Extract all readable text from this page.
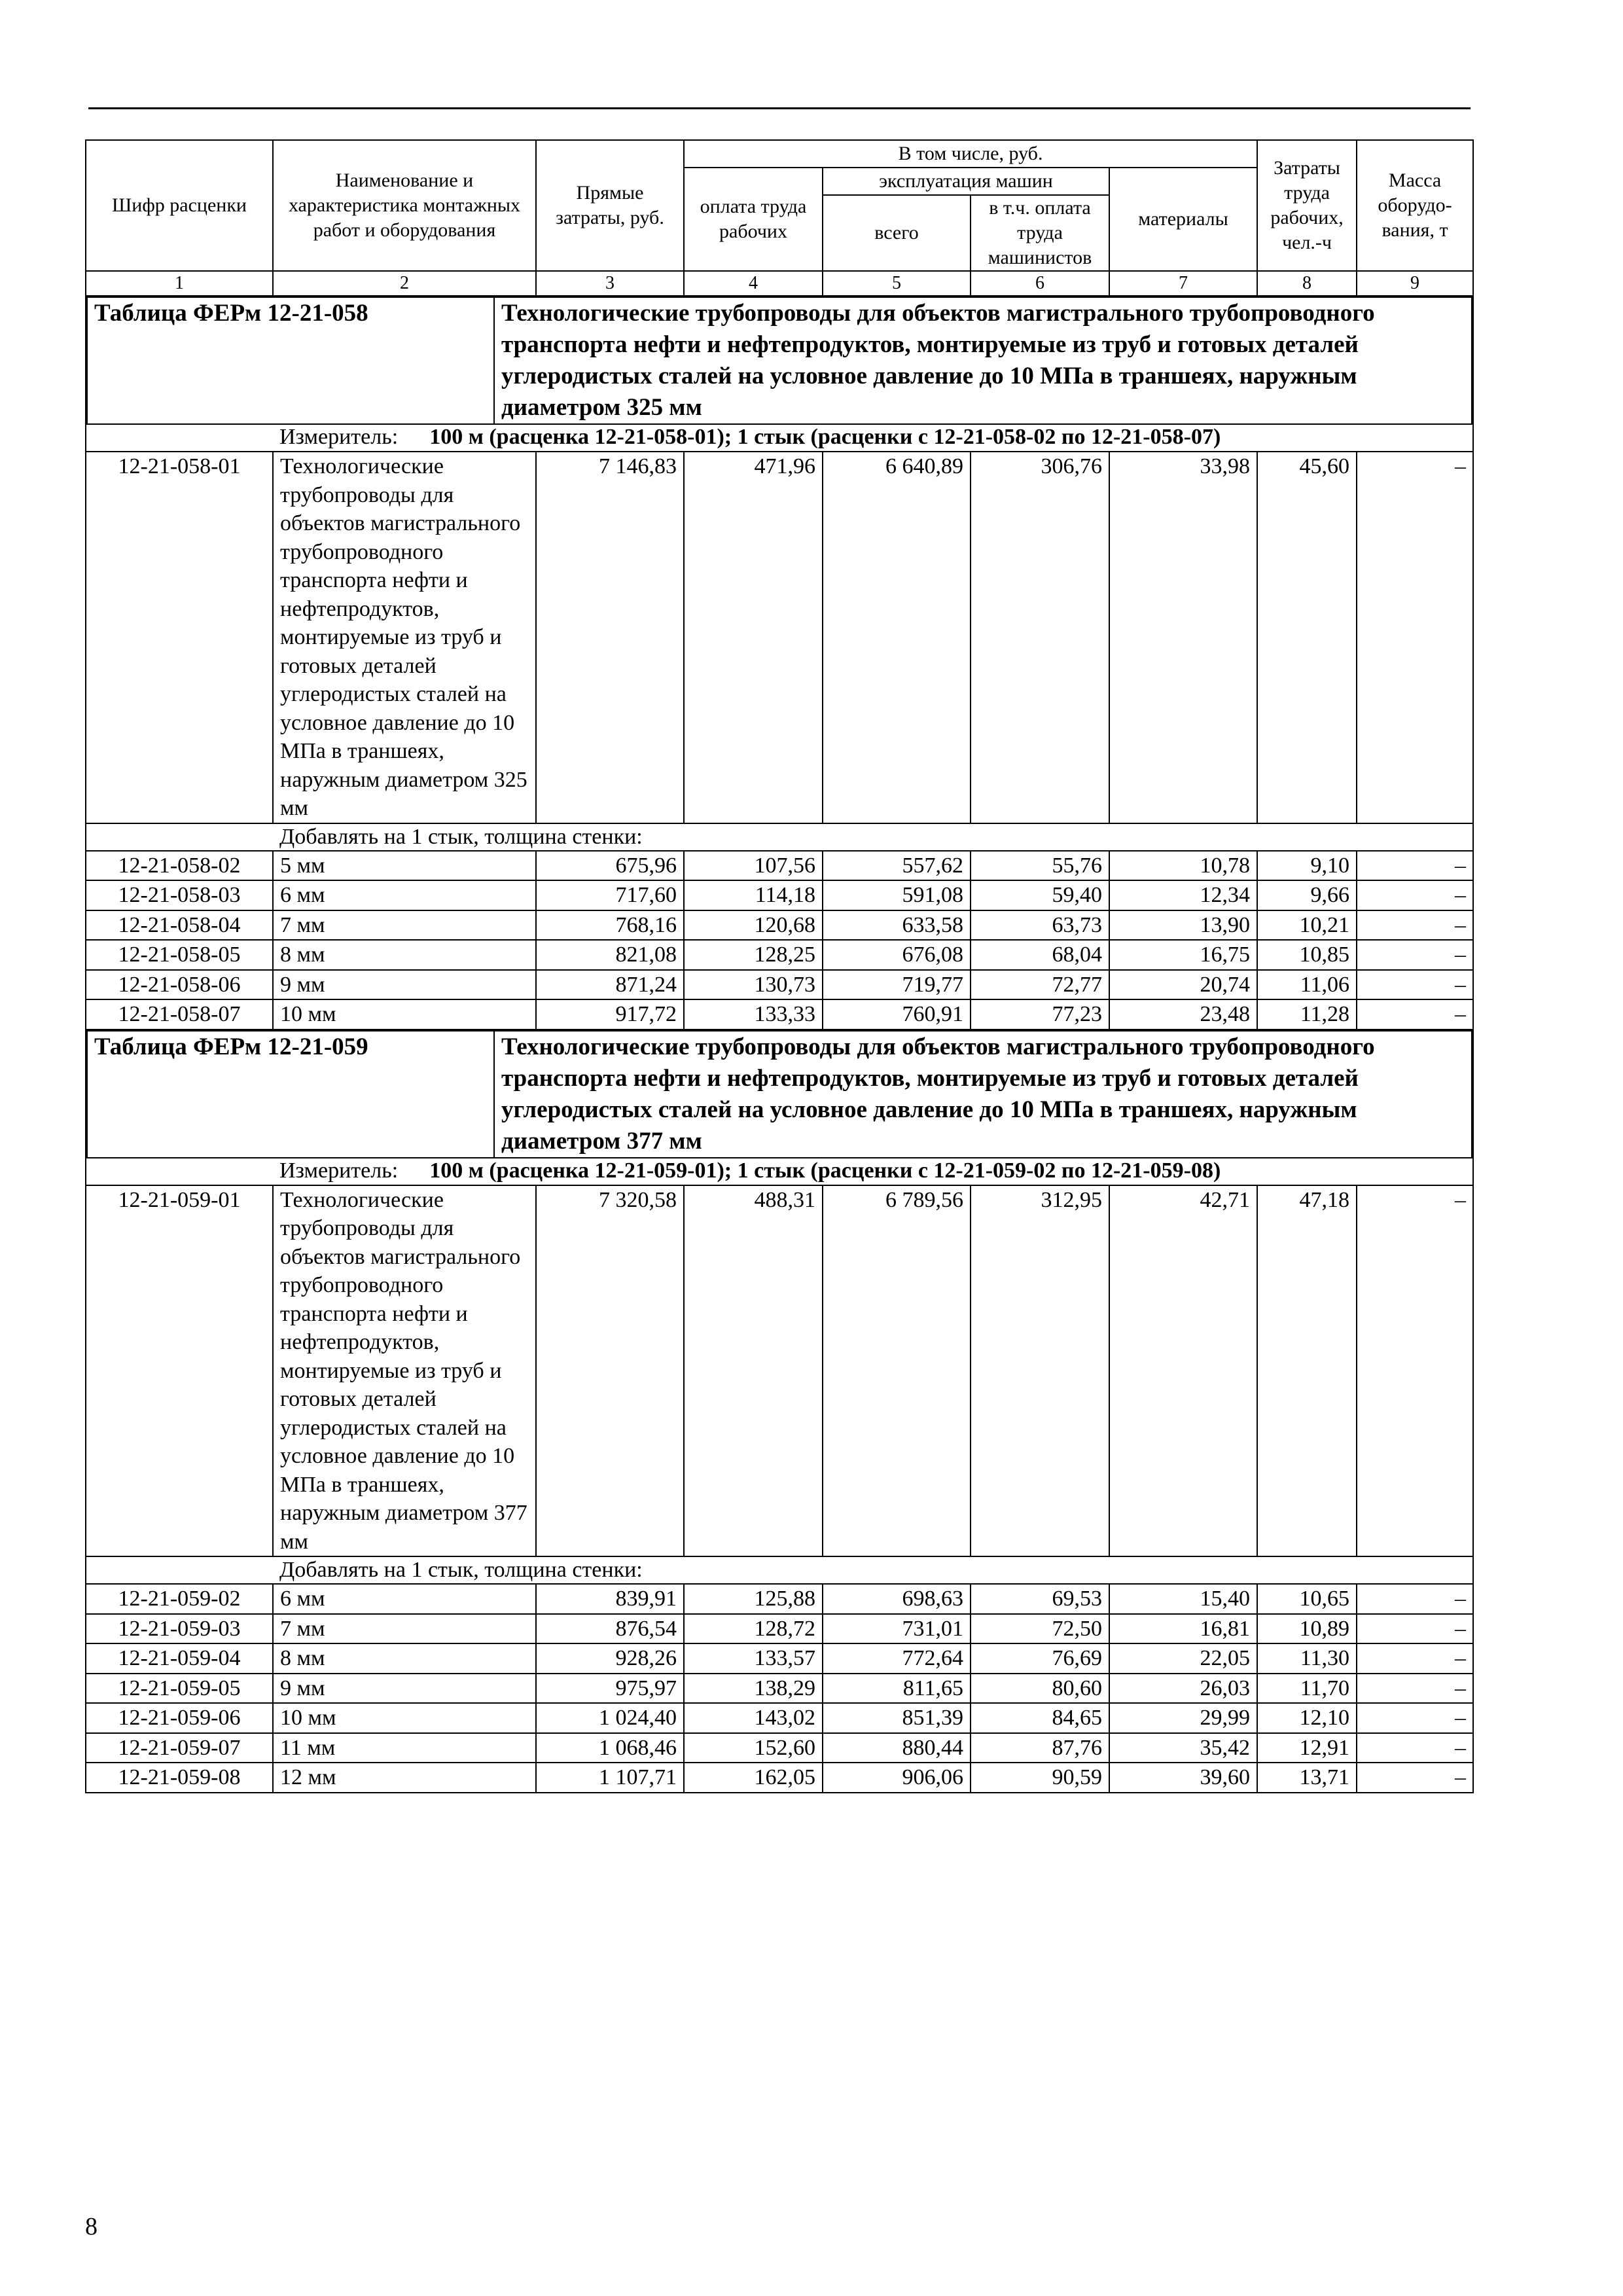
Шифр расценки	Наименование и характеристика монтажных работ и оборудования	Прямые затраты, руб.	В том числе, руб.	Затраты труда рабочих, чел.-ч	Масса оборудо-вания, т
оплата труда рабочих	эксплуатация машин	материалы
всего	в т.ч. оплата труда машинистов
1	2	3	4	5	6	7	8	9

Таблица ФЕРм 12-21-058	Технологические трубопроводы для объектов магистрального трубопроводного транспорта нефти и нефтепродуктов, монтируемые из труб и готовых деталей углеродистых сталей на условное давление до 10 МПа в траншеях, наружным диаметром 325 мм
Измеритель: 100 м (расценка 12-21-058-01); 1 стык (расценки с 12-21-058-02 по 12-21-058-07)

12-21-058-01	Технологические трубопроводы для объектов магистрального трубопроводного транспорта нефти и нефтепродуктов, монтируемые из труб и готовых деталей углеродистых сталей на условное давление до 10 МПа в траншеях, наружным диаметром 325 мм	7 146,83	471,96	6 640,89	306,76	33,98	45,60	–
Добавлять на 1 стык, толщина стенки:
12-21-058-02	5 мм	675,96	107,56	557,62	55,76	10,78	9,10	–
12-21-058-03	6 мм	717,60	114,18	591,08	59,40	12,34	9,66	–
12-21-058-04	7 мм	768,16	120,68	633,58	63,73	13,90	10,21	–
12-21-058-05	8 мм	821,08	128,25	676,08	68,04	16,75	10,85	–
12-21-058-06	9 мм	871,24	130,73	719,77	72,77	20,74	11,06	–
12-21-058-07	10 мм	917,72	133,33	760,91	77,23	23,48	11,28	–

Таблица ФЕРм 12-21-059	Технологические трубопроводы для объектов магистрального трубопроводного транспорта нефти и нефтепродуктов, монтируемые из труб и готовых деталей углеродистых сталей на условное давление до 10 МПа в траншеях, наружным диаметром 377 мм
Измеритель: 100 м (расценка 12-21-059-01); 1 стык (расценки с 12-21-059-02 по 12-21-059-08)

12-21-059-01	Технологические трубопроводы для объектов магистрального трубопроводного транспорта нефти и нефтепродуктов, монтируемые из труб и готовых деталей углеродистых сталей на условное давление до 10 МПа в траншеях, наружным диаметром 377 мм	7 320,58	488,31	6 789,56	312,95	42,71	47,18	–
Добавлять на 1 стык, толщина стенки:
12-21-059-02	6 мм	839,91	125,88	698,63	69,53	15,40	10,65	–
12-21-059-03	7 мм	876,54	128,72	731,01	72,50	16,81	10,89	–
12-21-059-04	8 мм	928,26	133,57	772,64	76,69	22,05	11,30	–
12-21-059-05	9 мм	975,97	138,29	811,65	80,60	26,03	11,70	–
12-21-059-06	10 мм	1 024,40	143,02	851,39	84,65	29,99	12,10	–
12-21-059-07	11 мм	1 068,46	152,60	880,44	87,76	35,42	12,91	–
12-21-059-08	12 мм	1 107,71	162,05	906,06	90,59	39,60	13,71	–
8
